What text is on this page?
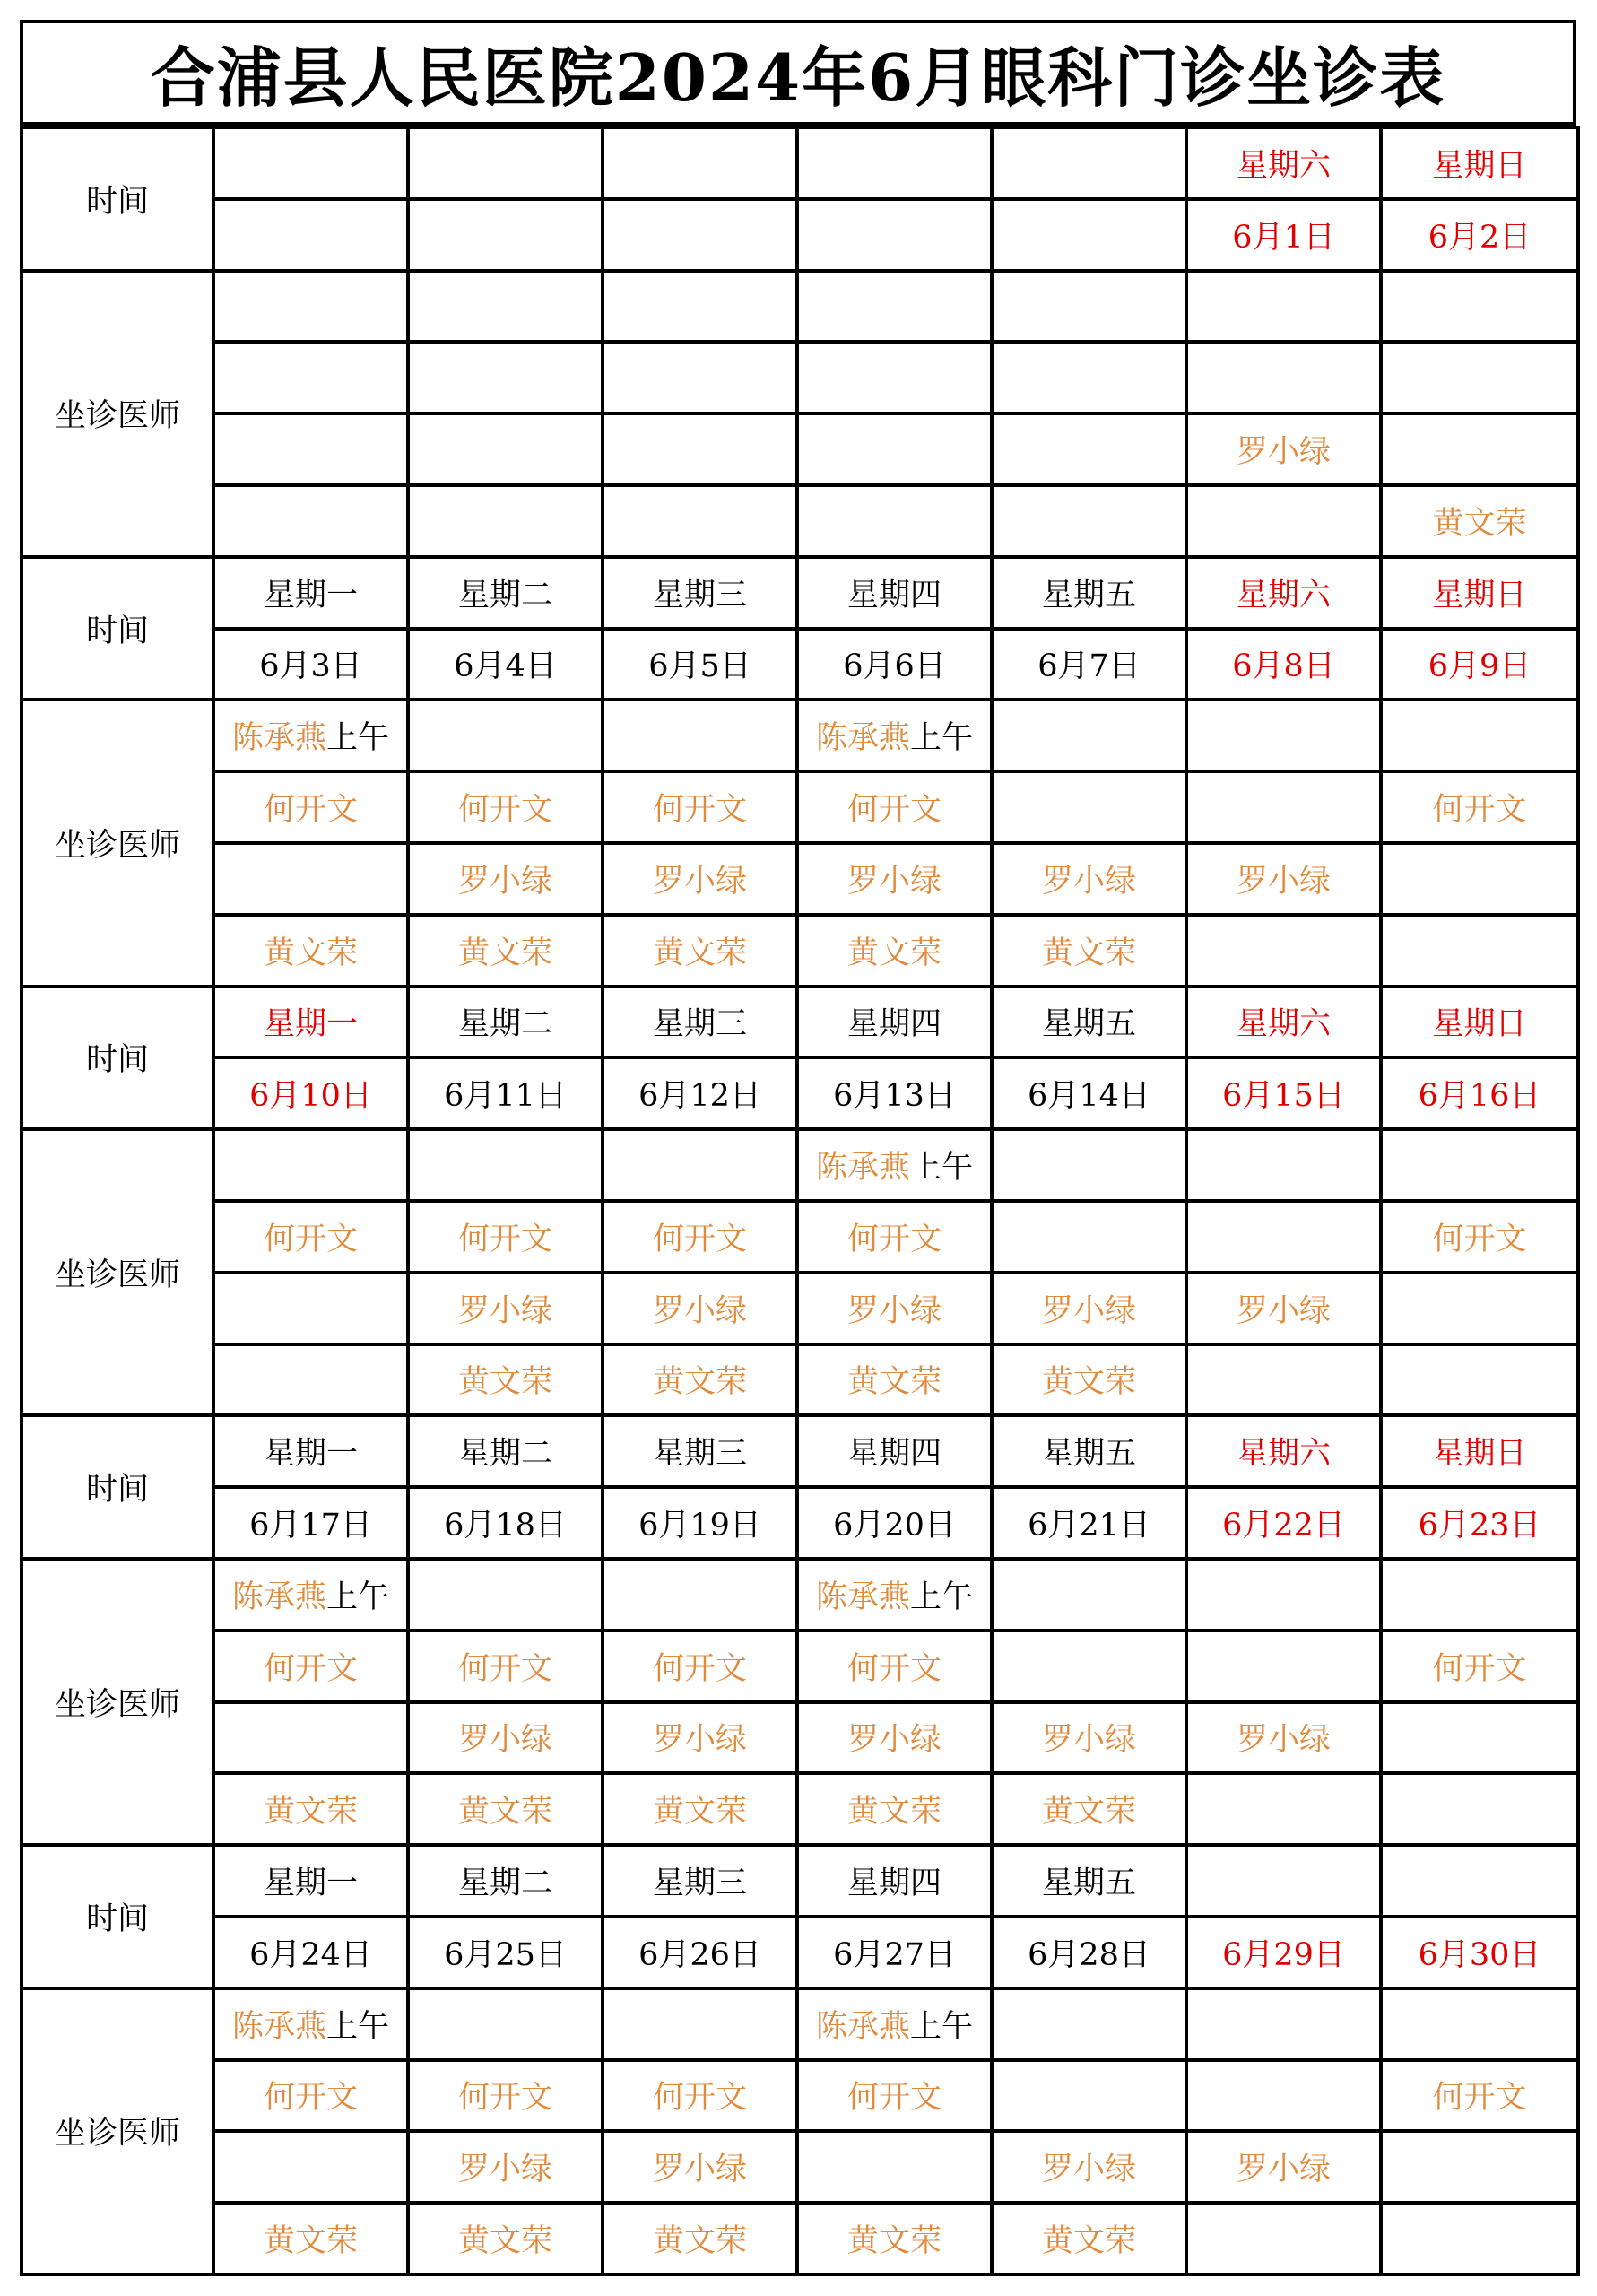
合浦县人民医院2024年6月眼科门诊坐诊表
时间						星期六	星期日
						6月1日	6月2日
坐诊医师							

						罗小绿	
							黄文荣
时间	星期一	星期二	星期三	星期四	星期五	星期六	星期日
	6月3日	6月4日	6月5日	6月6日	6月7日	6月8日	6月9日
坐诊医师	陈承燕上午			陈承燕上午			
	何开文	何开文	何开文	何开文			何开文
		罗小绿	罗小绿	罗小绿	罗小绿	罗小绿	
	黄文荣	黄文荣	黄文荣	黄文荣	黄文荣		
时间	星期一	星期二	星期三	星期四	星期五	星期六	星期日
	6月10日	6月11日	6月12日	6月13日	6月14日	6月15日	6月16日
坐诊医师				陈承燕上午			
	何开文	何开文	何开文	何开文			何开文
		罗小绿	罗小绿	罗小绿	罗小绿	罗小绿	
		黄文荣	黄文荣	黄文荣	黄文荣		
时间	星期一	星期二	星期三	星期四	星期五	星期六	星期日
	6月17日	6月18日	6月19日	6月20日	6月21日	6月22日	6月23日
坐诊医师	陈承燕上午			陈承燕上午			
	何开文	何开文	何开文	何开文			何开文
		罗小绿	罗小绿	罗小绿	罗小绿	罗小绿	
	黄文荣	黄文荣	黄文荣	黄文荣	黄文荣		
时间	星期一	星期二	星期三	星期四	星期五		
	6月24日	6月25日	6月26日	6月27日	6月28日	6月29日	6月30日
坐诊医师	陈承燕上午			陈承燕上午			
	何开文	何开文	何开文	何开文			何开文
		罗小绿	罗小绿		罗小绿	罗小绿	
	黄文荣	黄文荣	黄文荣	黄文荣	黄文荣		
